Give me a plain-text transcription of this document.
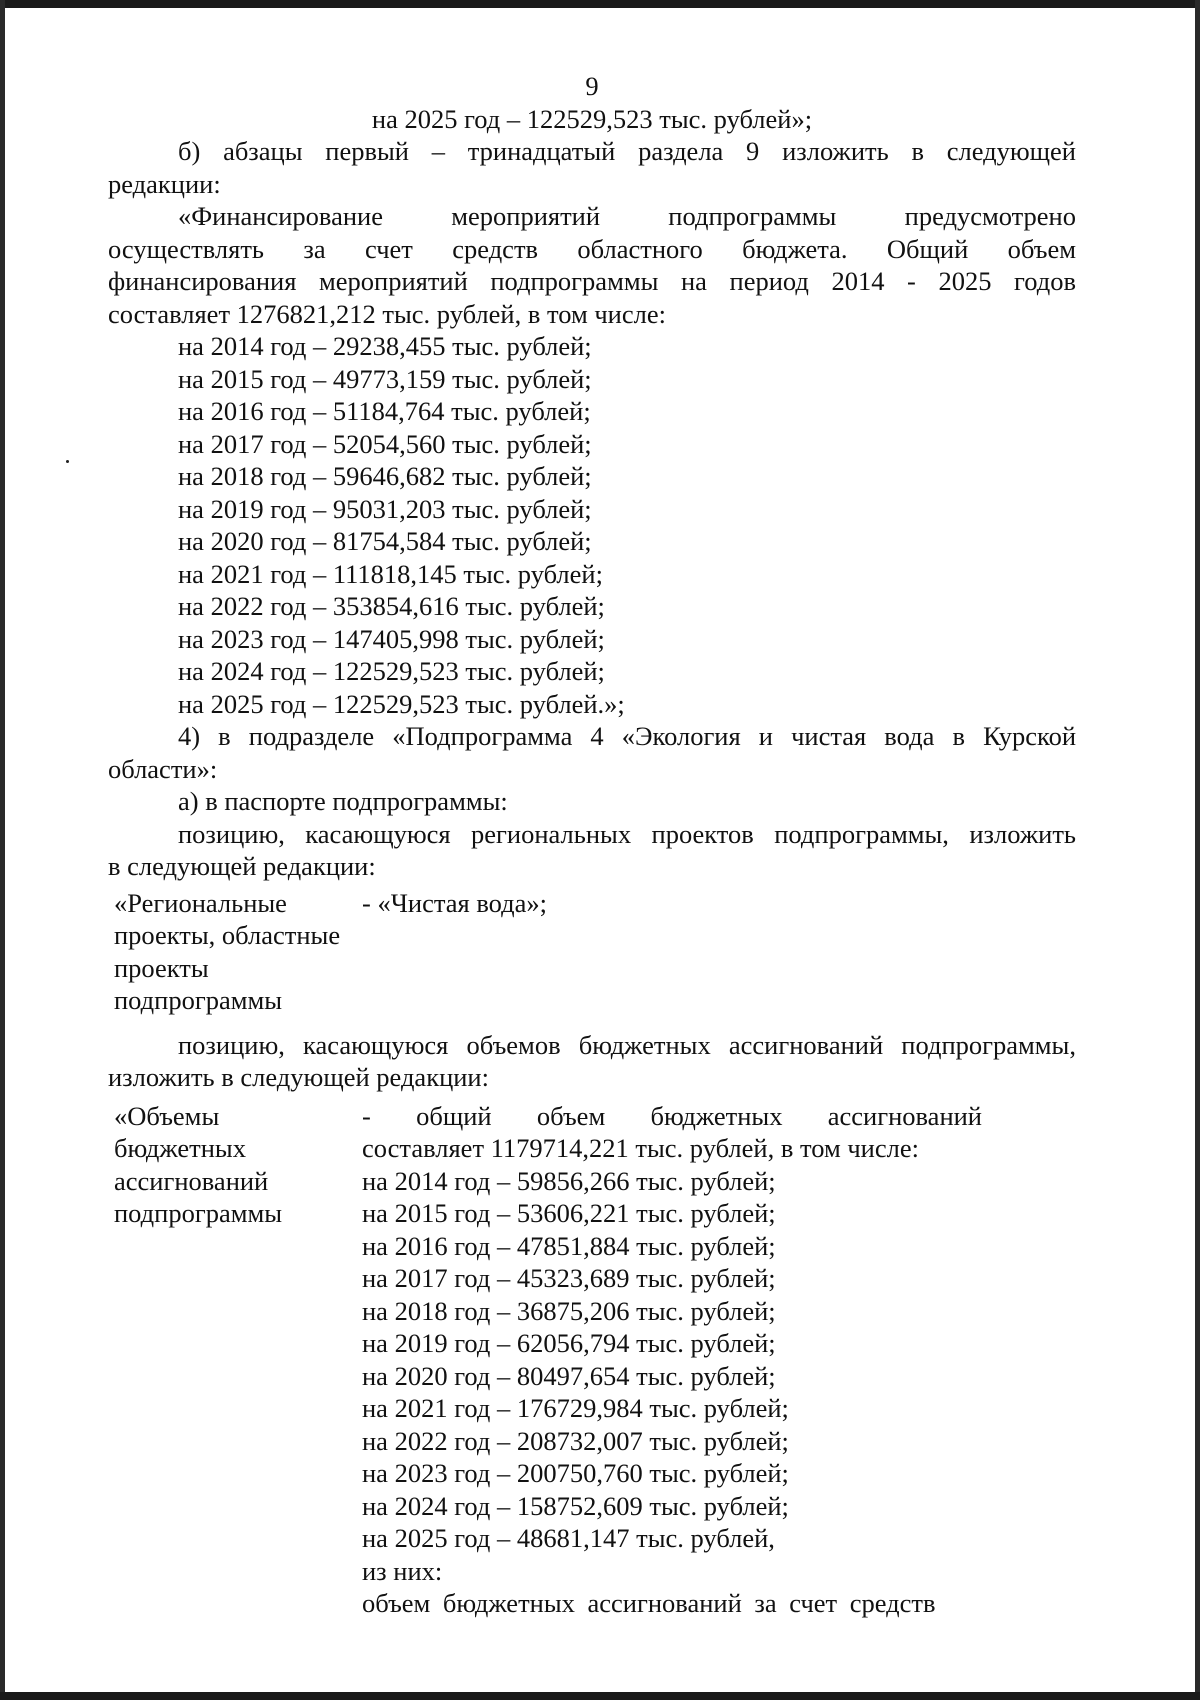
9
на 2025 год – 122529,523 тыс. рублей»;
б) абзацы первый – тринадцатый раздела 9 изложить в следующей
редакции:
«Финансирование мероприятий подпрограммы предусмотрено
осуществлять за счет средств областного бюджета. Общий объем
финансирования мероприятий подпрограммы на период 2014 - 2025 годов
составляет 1276821,212 тыс. рублей, в том числе:
на 2014 год – 29238,455 тыс. рублей;
на 2015 год – 49773,159 тыс. рублей;
на 2016 год – 51184,764 тыс. рублей;
на 2017 год – 52054,560 тыс. рублей;
на 2018 год – 59646,682 тыс. рублей;
на 2019 год – 95031,203 тыс. рублей;
на 2020 год – 81754,584 тыс. рублей;
на 2021 год – 111818,145 тыс. рублей;
на 2022 год – 353854,616 тыс. рублей;
на 2023 год – 147405,998 тыс. рублей;
на 2024 год – 122529,523 тыс. рублей;
на 2025 год – 122529,523 тыс. рублей.»;
4) в подразделе «Подпрограмма 4 «Экология и чистая вода в Курской
области»:
а) в паспорте подпрограммы:
позицию, касающуюся региональных проектов подпрограммы, изложить
в следующей редакции:
«Региональные
проекты, областные
проекты
подпрограммы
- «Чистая вода»;
позицию, касающуюся объемов бюджетных ассигнований подпрограммы,
изложить в следующей редакции:
«Объемы
бюджетных
ассигнований
подпрограммы
- общий объем бюджетных ассигнований
составляет 1179714,221 тыс. рублей, в том числе:
на 2014 год – 59856,266 тыс. рублей;
на 2015 год – 53606,221 тыс. рублей;
на 2016 год – 47851,884 тыс. рублей;
на 2017 год – 45323,689 тыс. рублей;
на 2018 год – 36875,206 тыс. рублей;
на 2019 год – 62056,794 тыс. рублей;
на 2020 год – 80497,654 тыс. рублей;
на 2021 год – 176729,984 тыс. рублей;
на 2022 год – 208732,007 тыс. рублей;
на 2023 год – 200750,760 тыс. рублей;
на 2024 год – 158752,609 тыс. рублей;
на 2025 год – 48681,147 тыс. рублей,
из них:
объем бюджетных ассигнований за счет средств
